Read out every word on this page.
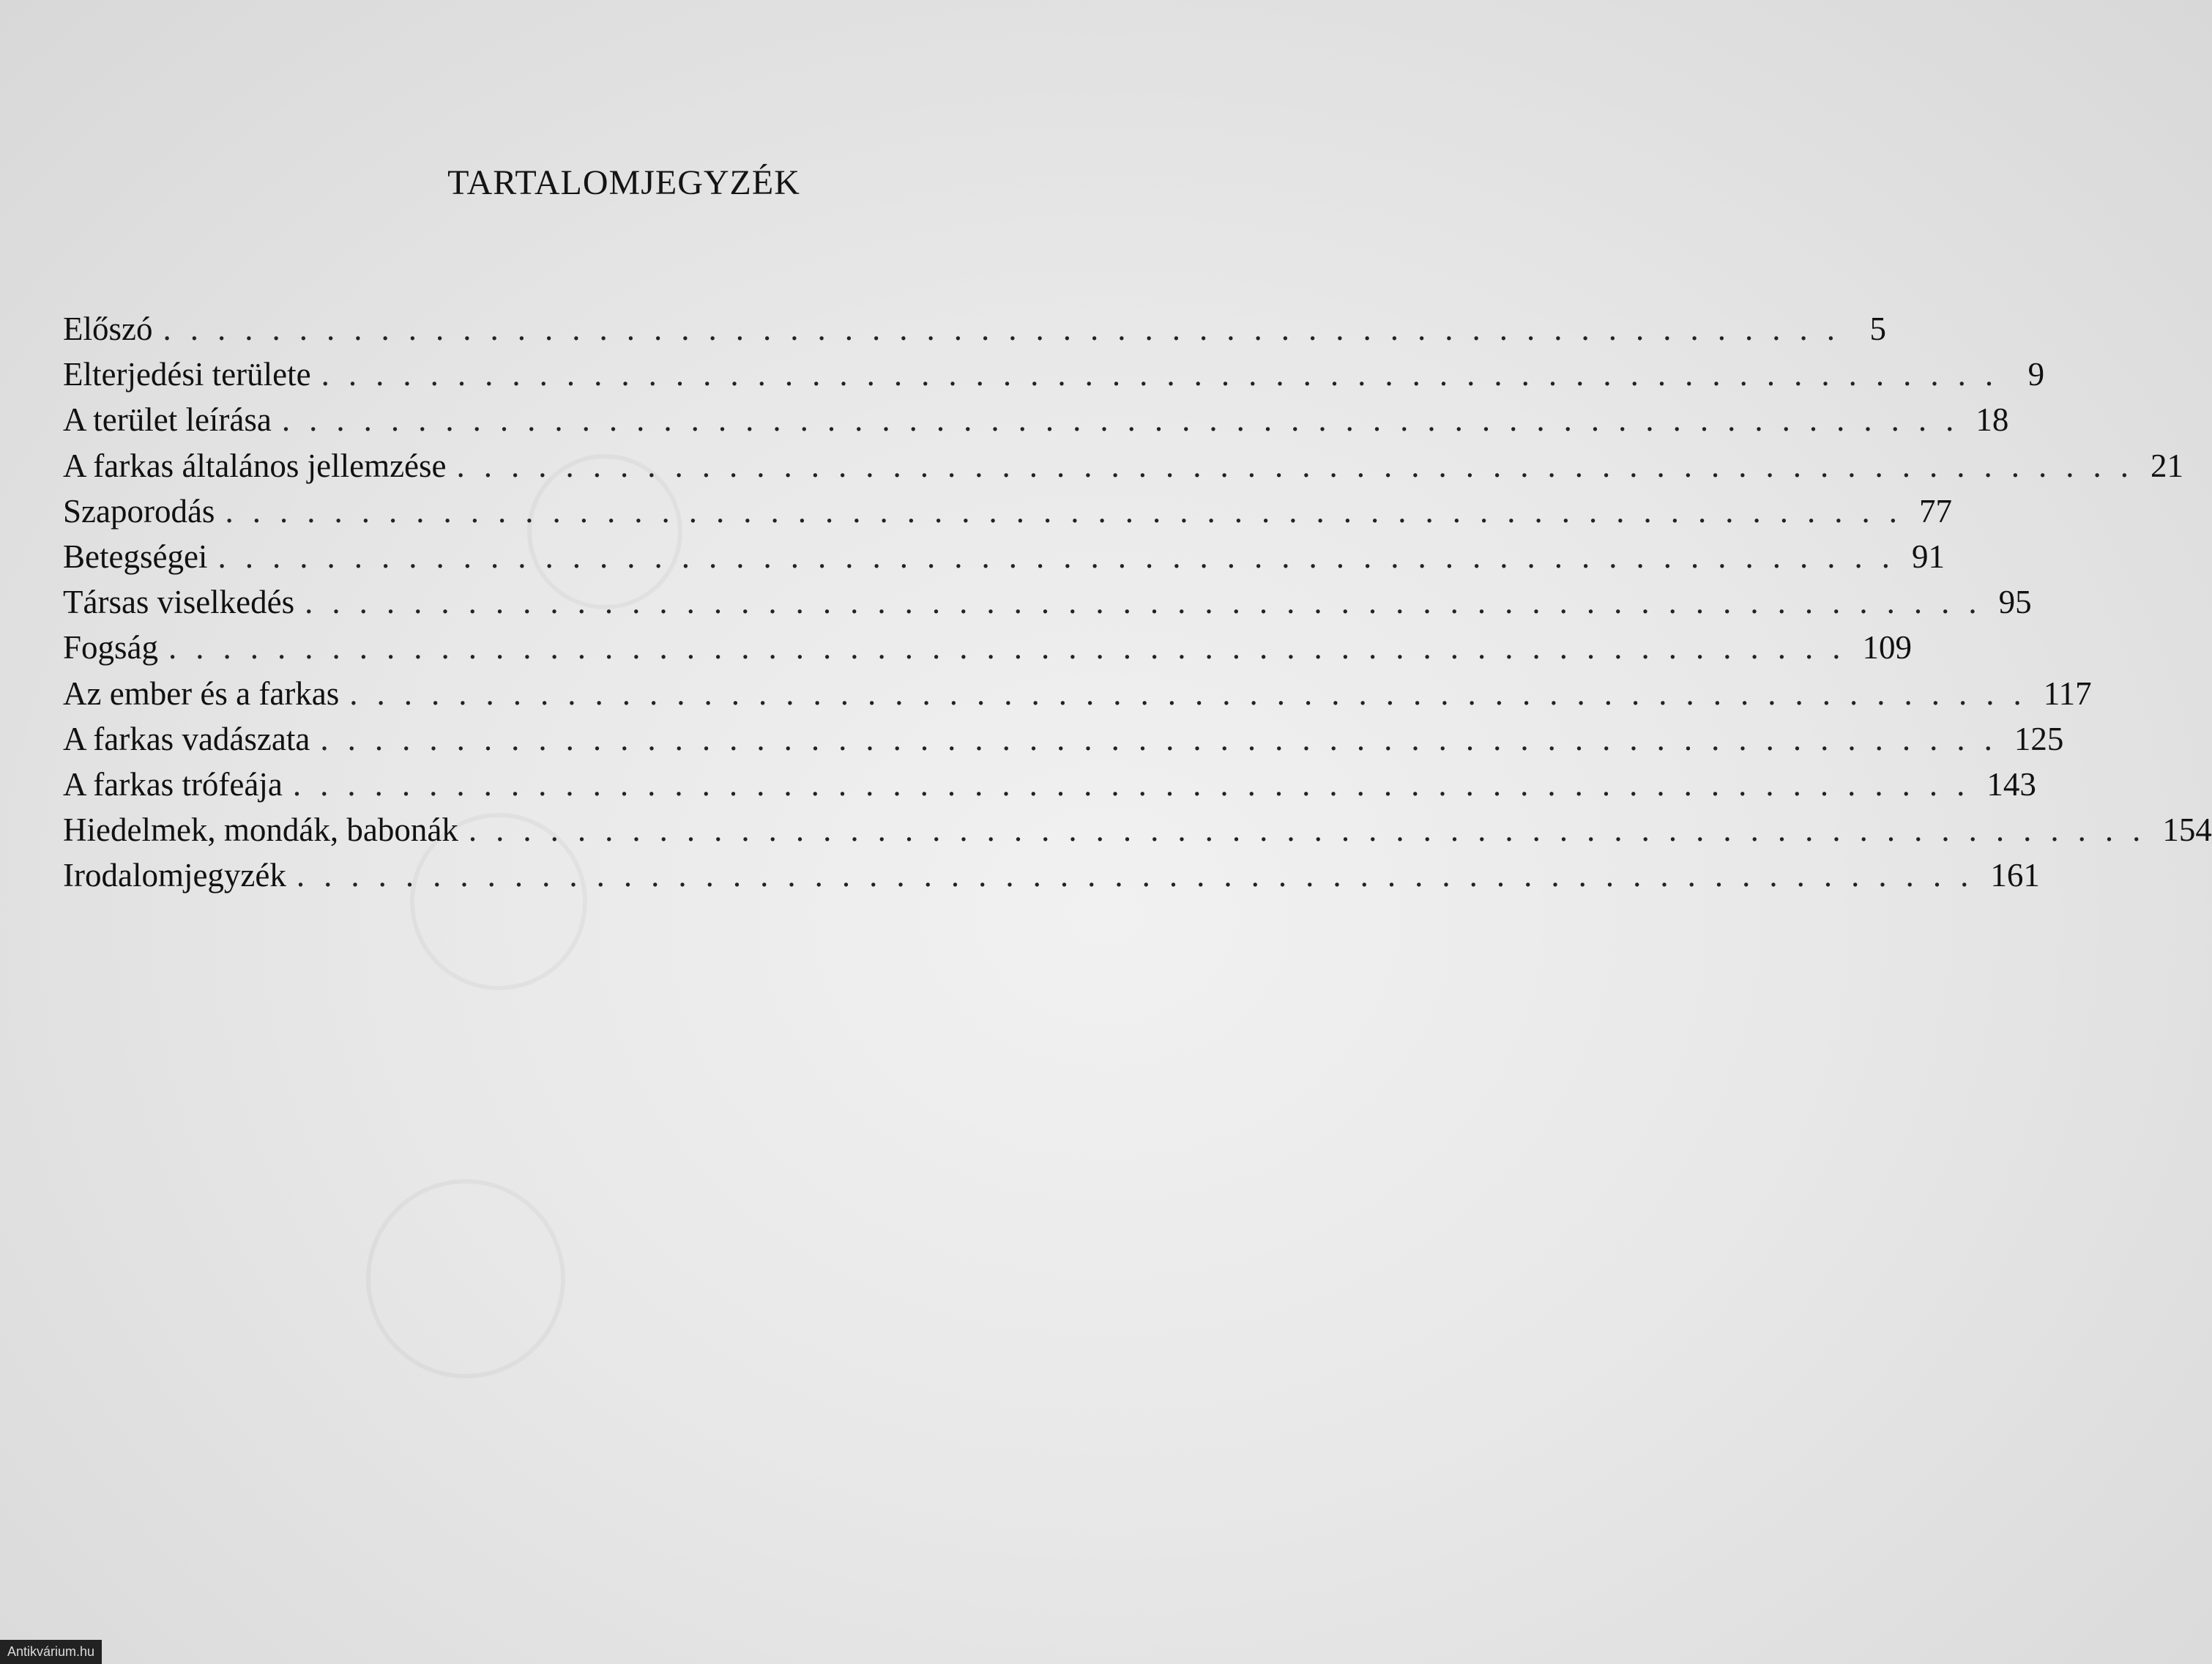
TARTALOMJEGYZÉK
Előszó .............................................................. 5
Elterjedési területe .............................................................. 9
A terület leírása .............................................................. 18
A farkas általános jellemzése .............................................................. 21
Szaporodás .............................................................. 77
Betegségei .............................................................. 91
Társas viselkedés .............................................................. 95
Fogság .............................................................. 109
Az ember és a farkas .............................................................. 117
A farkas vadászata .............................................................. 125
A farkas trófeája .............................................................. 143
Hiedelmek, mondák, babonák .............................................................. 154
Irodalomjegyzék .............................................................. 161
Antikvárium.hu
